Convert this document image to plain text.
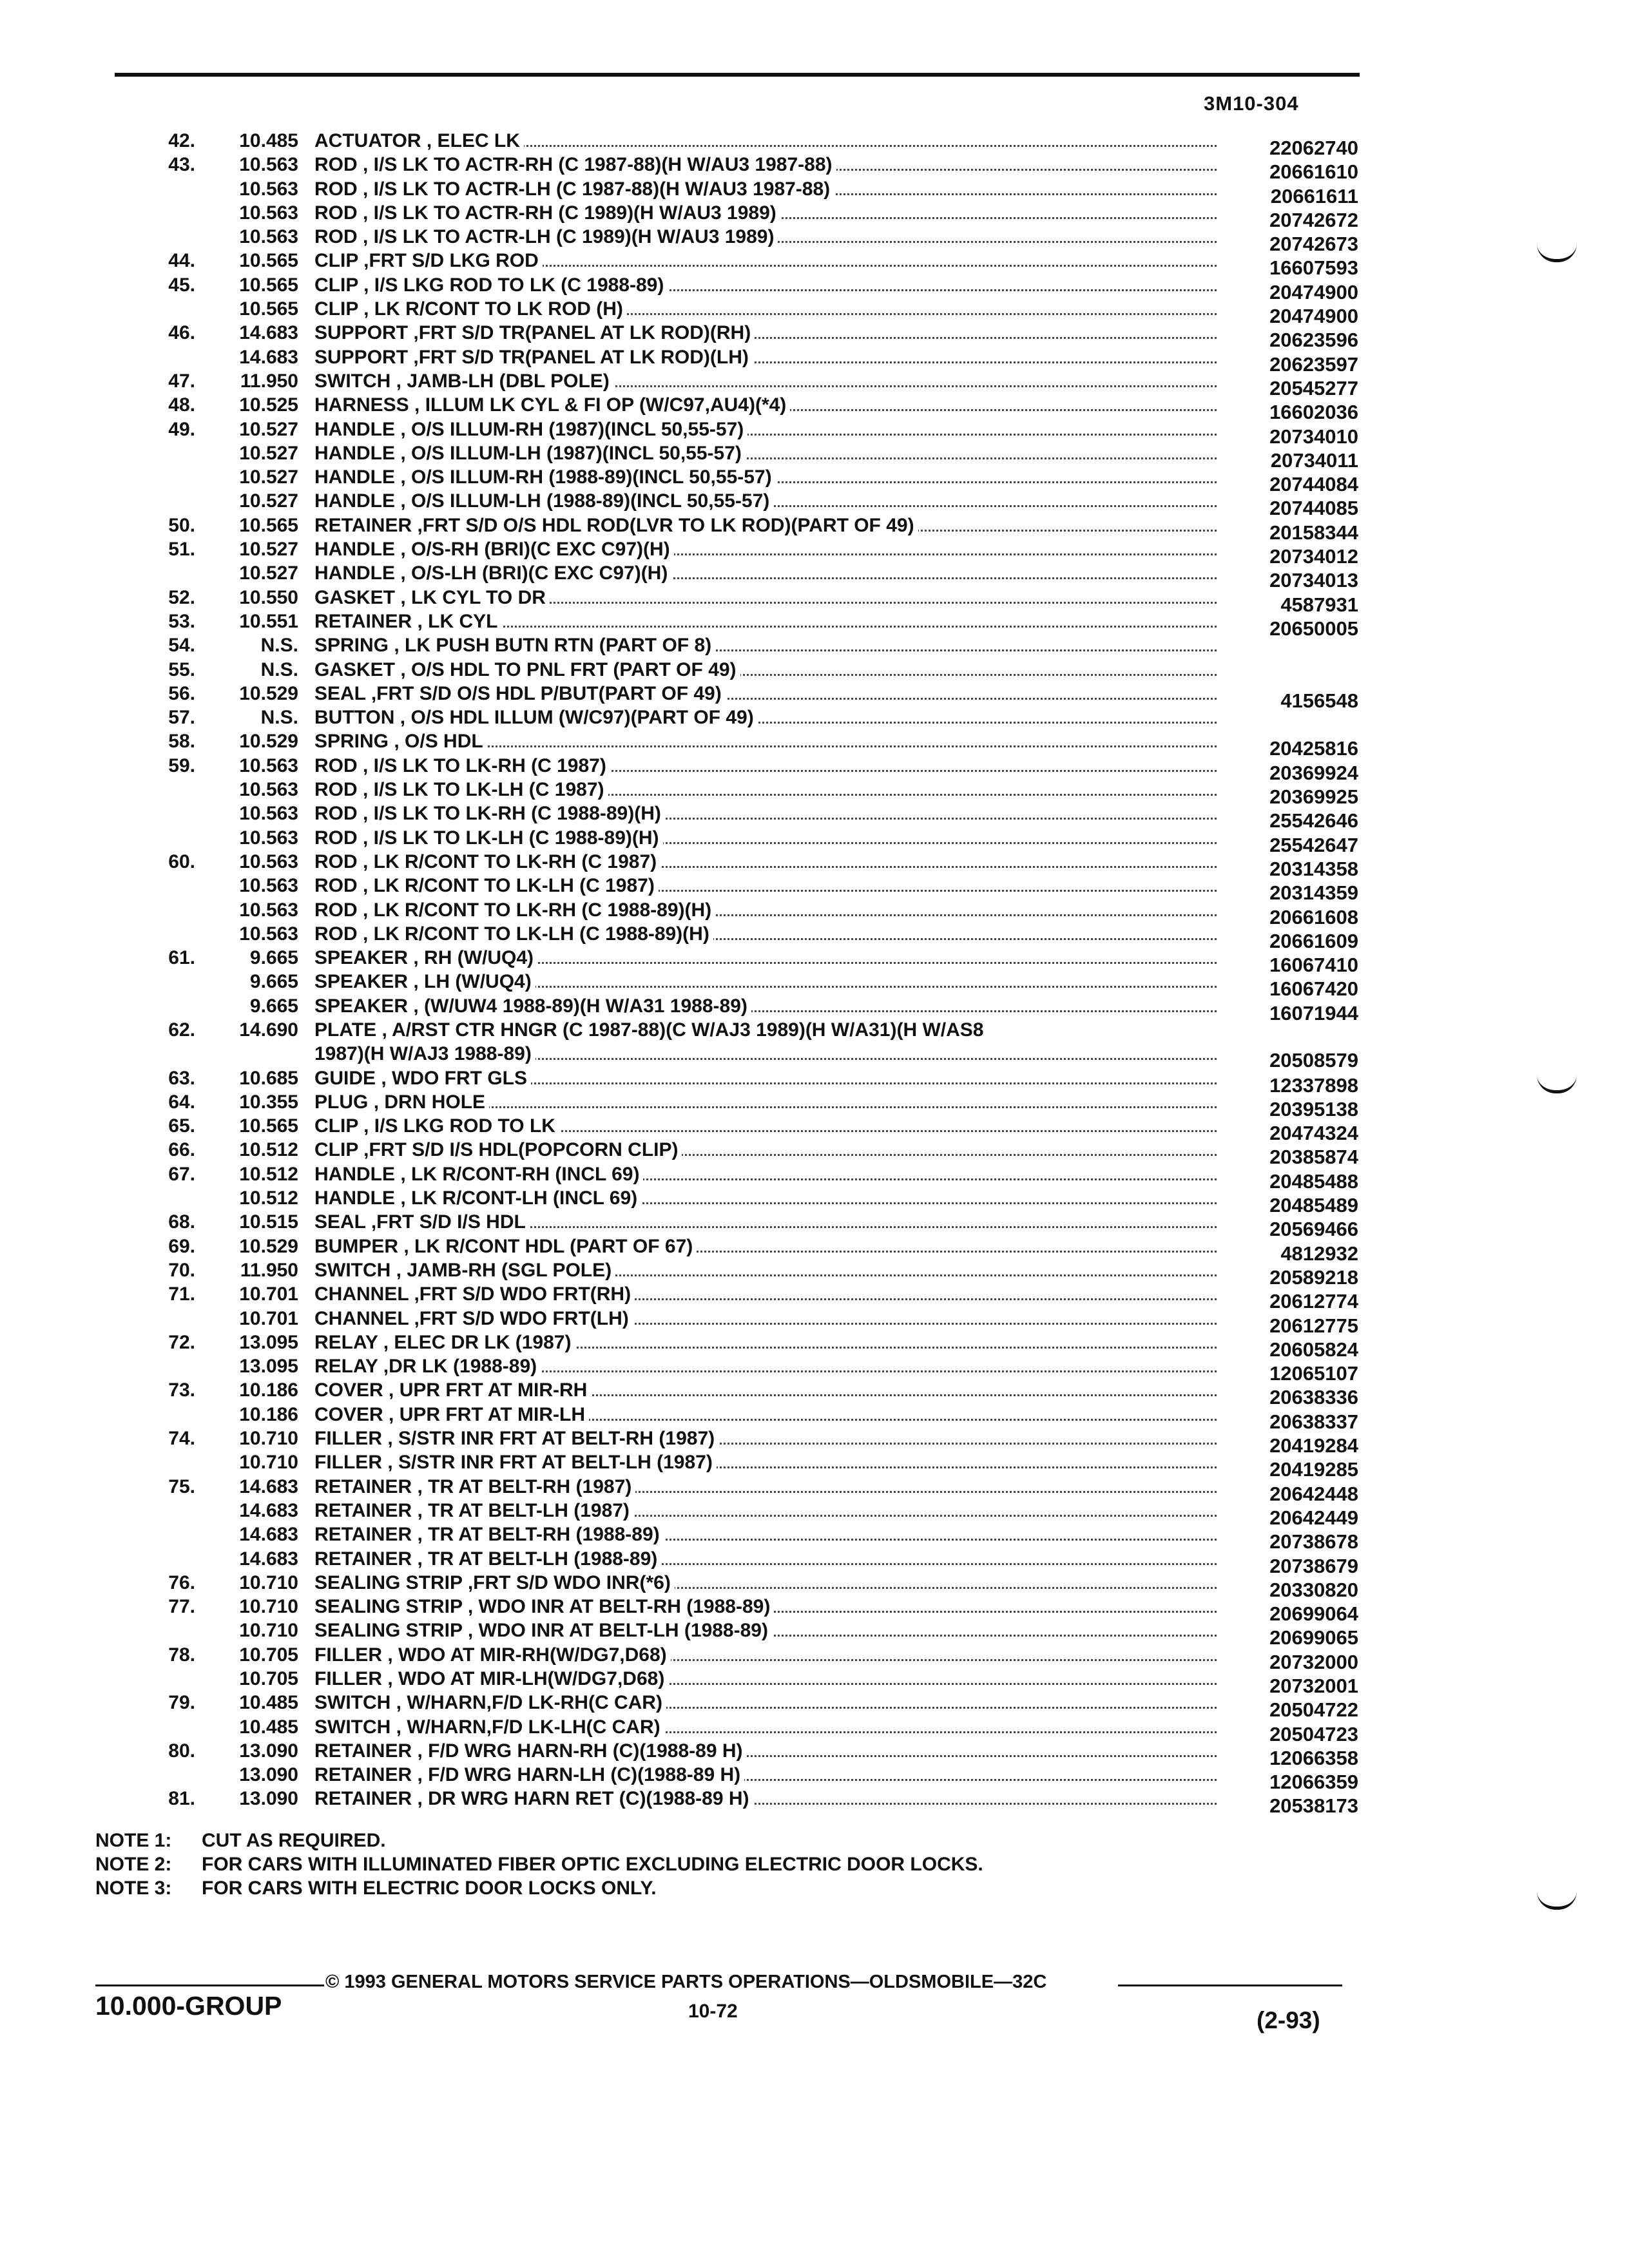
3M10-304
42.	10.485 ACTUATOR , ELEC LK	22062740
43.	10.563 ROD , I/S LK TO ACTR-RH (C 1987-88)(H W/AU3 1987-88)	20661610
10.563 ROD , I/S LK TO ACTR-LH (C 1987-88)(H W/AU3 1987-88)	20661611
10.563 ROD , I/S LK TO ACTR-RH (C 1989)(H W/AU3 1989)	20742672
10.563 ROD , I/S LK TO ACTR-LH (C 1989)(H W/AU3 1989)	20742673
44.	10.565 CLIP ,FRT S/D LKG ROD	16607593
45.	10.565 CLIP , I/S LKG ROD TO LK (C 1988-89)	20474900
10.565 CLIP , LK R/CONT TO LK ROD (H)	20474900
46.	14.683 SUPPORT ,FRT S/D TR(PANEL AT LK ROD)(RH)	20623596
14.683 SUPPORT ,FRT S/D TR(PANEL AT LK ROD)(LH)	20623597
47.	11.950 SWITCH , JAMB-LH (DBL POLE)	20545277
48.	10.525 HARNESS , ILLUM LK CYL & FI OP (W/C97,AU4)(*4)	16602036
49.	10.527 HANDLE , O/S ILLUM-RH (1987)(INCL 50,55-57)	20734010
10.527 HANDLE , O/S ILLUM-LH (1987)(INCL 50,55-57)	20734011
10.527 HANDLE , O/S ILLUM-RH (1988-89)(INCL 50,55-57)	20744084
10.527 HANDLE , O/S ILLUM-LH (1988-89)(INCL 50,55-57)	20744085
50.	10.565 RETAINER ,FRT S/D O/S HDL ROD(LVR TO LK ROD)(PART OF 49)	20158344
51.	10.527 HANDLE , O/S-RH (BRI)(C EXC C97)(H)	20734012
10.527 HANDLE , O/S-LH (BRI)(C EXC C97)(H)	20734013
52.	10.550 GASKET , LK CYL TO DR	4587931
53.	10.551 RETAINER , LK CYL	20650005
54.	N.S. SPRING , LK PUSH BUTN RTN (PART OF 8)
55.	N.S. GASKET , O/S HDL TO PNL FRT (PART OF 49)
56.	10.529 SEAL ,FRT S/D O/S HDL P/BUT(PART OF 49)	4156548
57.	N.S. BUTTON , O/S HDL ILLUM (W/C97)(PART OF 49)
58.	10.529 SPRING , O/S HDL	20425816
59.	10.563 ROD , I/S LK TO LK-RH (C 1987)	20369924
10.563 ROD , I/S LK TO LK-LH (C 1987)	20369925
10.563 ROD , I/S LK TO LK-RH (C 1988-89)(H)	25542646
10.563 ROD , I/S LK TO LK-LH (C 1988-89)(H)	25542647
60.	10.563 ROD , LK R/CONT TO LK-RH (C 1987)	20314358
10.563 ROD , LK R/CONT TO LK-LH (C 1987)	20314359
10.563 ROD , LK R/CONT TO LK-RH (C 1988-89)(H)	20661608
10.563 ROD , LK R/CONT TO LK-LH (C 1988-89)(H)	20661609
61.	9.665 SPEAKER , RH (W/UQ4)	16067410
9.665 SPEAKER , LH (W/UQ4)	16067420
9.665 SPEAKER , (W/UW4 1988-89)(H W/A31 1988-89)	16071944
62.	14.690 PLATE , A/RST CTR HNGR (C 1987-88)(C W/AJ3 1989)(H W/A31)(H W/AS8
1987)(H W/AJ3 1988-89)	20508579
63.	10.685 GUIDE , WDO FRT GLS	12337898
64.	10.355 PLUG , DRN HOLE	20395138
65.	10.565 CLIP , I/S LKG ROD TO LK	20474324
66.	10.512 CLIP ,FRT S/D I/S HDL(POPCORN CLIP)	20385874
67.	10.512 HANDLE , LK R/CONT-RH (INCL 69)	20485488
10.512 HANDLE , LK R/CONT-LH (INCL 69)	20485489
68.	10.515 SEAL ,FRT S/D I/S HDL	20569466
69.	10.529 BUMPER , LK R/CONT HDL (PART OF 67)	4812932
70.	11.950 SWITCH , JAMB-RH (SGL POLE)	20589218
71.	10.701 CHANNEL ,FRT S/D WDO FRT(RH)	20612774
10.701 CHANNEL ,FRT S/D WDO FRT(LH)	20612775
72.	13.095 RELAY , ELEC DR LK (1987)	20605824
13.095 RELAY ,DR LK (1988-89)	12065107
73.	10.186 COVER , UPR FRT AT MIR-RH	20638336
10.186 COVER , UPR FRT AT MIR-LH	20638337
74.	10.710 FILLER , S/STR INR FRT AT BELT-RH (1987)	20419284
10.710 FILLER , S/STR INR FRT AT BELT-LH (1987)	20419285
75.	14.683 RETAINER , TR AT BELT-RH (1987)	20642448
14.683 RETAINER , TR AT BELT-LH (1987)	20642449
14.683 RETAINER , TR AT BELT-RH (1988-89)	20738678
14.683 RETAINER , TR AT BELT-LH (1988-89)	20738679
76.	10.710 SEALING STRIP ,FRT S/D WDO INR(*6)	20330820
77.	10.710 SEALING STRIP , WDO INR AT BELT-RH (1988-89)	20699064
10.710 SEALING STRIP , WDO INR AT BELT-LH (1988-89)	20699065
78.	10.705 FILLER , WDO AT MIR-RH(W/DG7,D68)	20732000
10.705 FILLER , WDO AT MIR-LH(W/DG7,D68)	20732001
79.	10.485 SWITCH , W/HARN,F/D LK-RH(C CAR)	20504722
10.485 SWITCH , W/HARN,F/D LK-LH(C CAR)	20504723
80.	13.090 RETAINER , F/D WRG HARN-RH (C)(1988-89 H)	12066358
13.090 RETAINER , F/D WRG HARN-LH (C)(1988-89 H)	12066359
81.	13.090 RETAINER , DR WRG HARN RET (C)(1988-89 H)	20538173
NOTE 1: CUT AS REQUIRED.
NOTE 2: FOR CARS WITH ILLUMINATED FIBER OPTIC EXCLUDING ELECTRIC DOOR LOCKS.
NOTE 3: FOR CARS WITH ELECTRIC DOOR LOCKS ONLY.
© 1993 GENERAL MOTORS SERVICE PARTS OPERATIONS—OLDSMOBILE—32C
10.000-GROUP	10-72	(2-93)
